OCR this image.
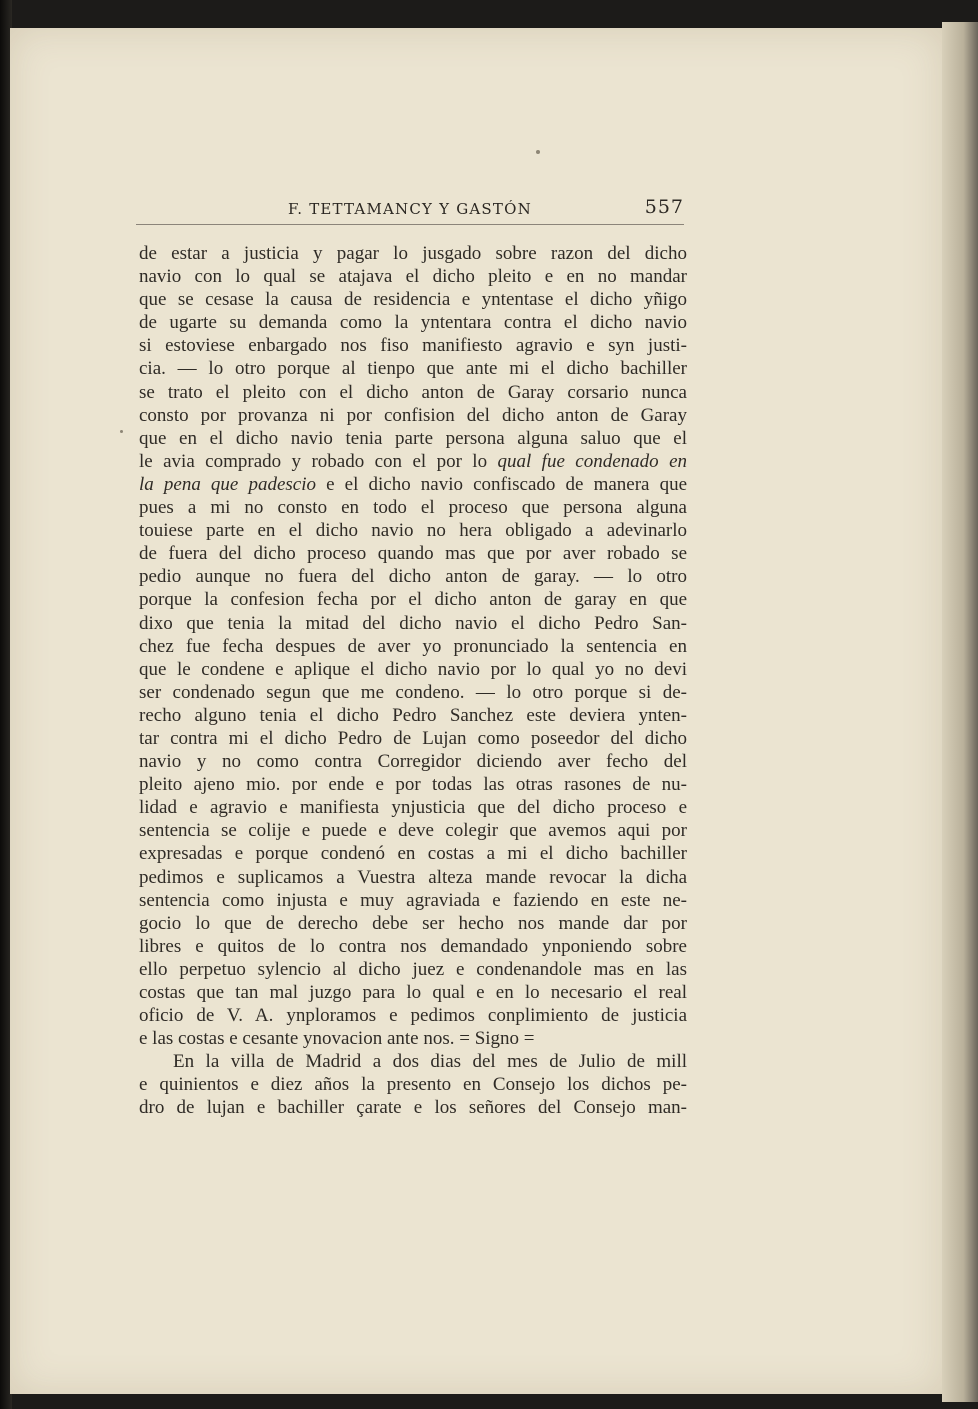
F. TETTAMANCY Y GASTÓN	557
de estar a justicia y pagar lo jusgado sobre razon del dicho
navio con lo qual se atajava el dicho pleito e en no mandar
que se cesase la causa de residencia e yntentase el dicho yñigo
de ugarte su demanda como la yntentara contra el dicho navio
si estoviese enbargado nos fiso manifiesto agravio e syn justi-
cia. — lo otro porque al tienpo que ante mi el dicho bachiller
se trato el pleito con el dicho anton de Garay corsario nunca
consto por provanza ni por confision del dicho anton de Garay
que en el dicho navio tenia parte persona alguna saluo que el
le avia comprado y robado con el por lo qual fue condenado en
la pena que padescio e el dicho navio confiscado de manera que
pues a mi no consto en todo el proceso que persona alguna
touiese parte en el dicho navio no hera obligado a adevinarlo
de fuera del dicho proceso quando mas que por aver robado se
pedio aunque no fuera del dicho anton de garay. — lo otro
porque la confesion fecha por el dicho anton de garay en que
dixo que tenia la mitad del dicho navio el dicho Pedro San-
chez fue fecha despues de aver yo pronunciado la sentencia en
que le condene e aplique el dicho navio por lo qual yo no devi
ser condenado segun que me condeno. — lo otro porque si de-
recho alguno tenia el dicho Pedro Sanchez este deviera ynten-
tar contra mi el dicho Pedro de Lujan como poseedor del dicho
navio y no como contra Corregidor diciendo aver fecho del
pleito ajeno mio. por ende e por todas las otras rasones de nu-
lidad e agravio e manifiesta ynjusticia que del dicho proceso e
sentencia se colije e puede e deve colegir que avemos aqui por
expresadas e porque condenó en costas a mi el dicho bachiller
pedimos e suplicamos a Vuestra alteza mande revocar la dicha
sentencia como injusta e muy agraviada e faziendo en este ne-
gocio lo que de derecho debe ser hecho nos mande dar por
libres e quitos de lo contra nos demandado ynponiendo sobre
ello perpetuo sylencio al dicho juez e condenandole mas en las
costas que tan mal juzgo para lo qual e en lo necesario el real
oficio de V. A. ynploramos e pedimos conplimiento de justicia
e las costas e cesante ynovacion ante nos. = Signo =
En la villa de Madrid a dos dias del mes de Julio de mill
e quinientos e diez años la presento en Consejo los dichos pe-
dro de lujan e bachiller çarate e los señores del Consejo man-
